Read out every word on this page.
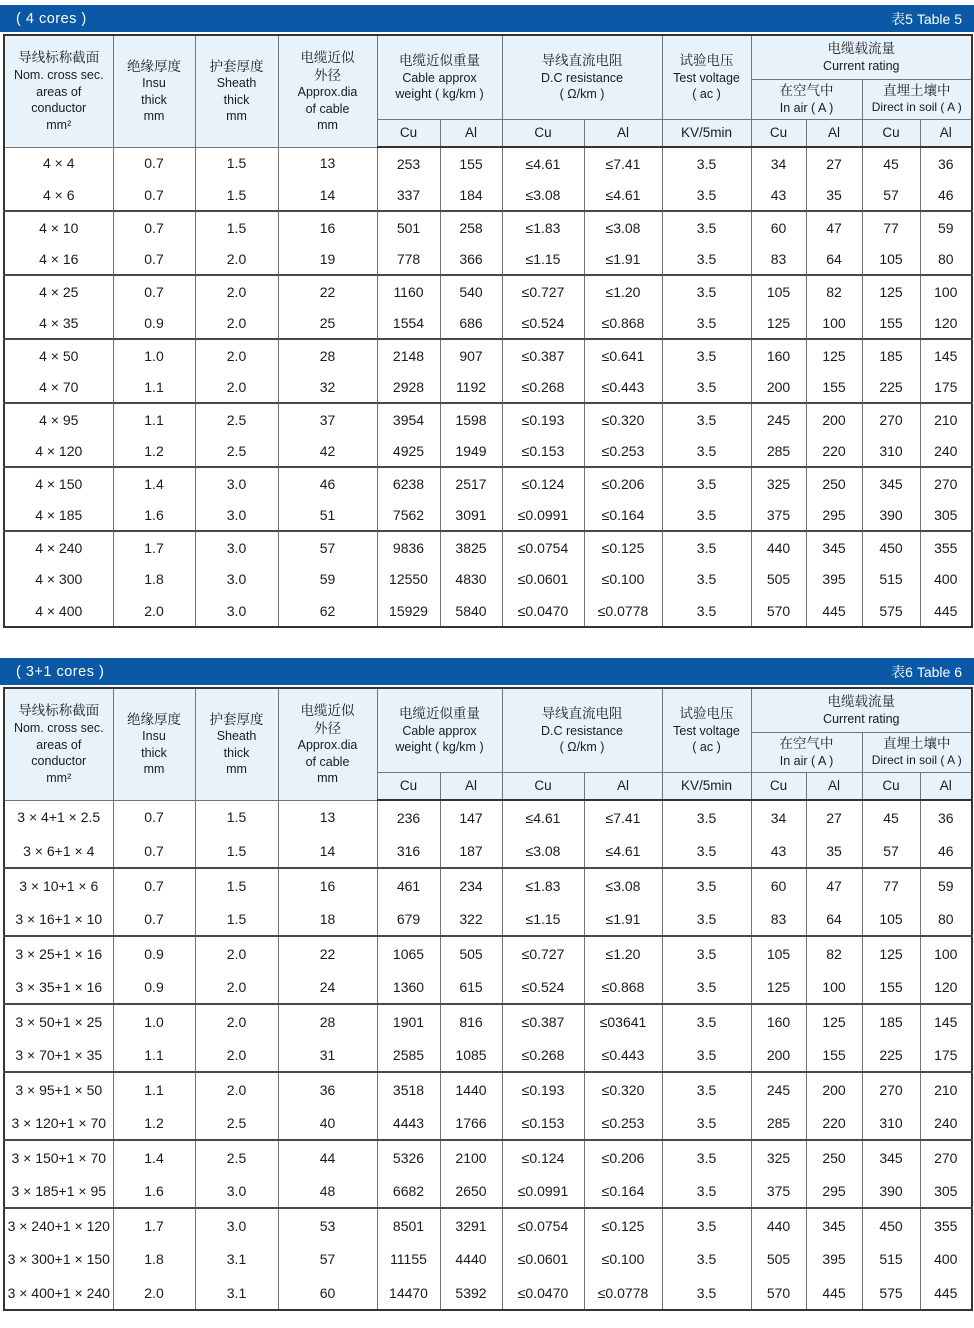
( 4 cores )	表5 Table 5
导线标称截面
Nom. cross sec.
areas of
conductor
mm²

绝缘厚度
Insu
thick
mm

护套厚度
Sheath
thick
mm

电缆近似
外径
Approx.dia
of cable
mm

电缆近似重量
Cable approx
weight ( kg/km )

导线直流电阻
D.C resistance
( Ω/km )

试验电压
Test voltage
( ac )

电缆载流量
Current rating

在空气中
In air ( A )

直埋土壤中
Direct in soil ( A )

				Cu	Al	Cu	Al	KV/5min	Cu	Al	Cu	Al
4 × 4	0.7	1.5	13	253	155	≤4.61	≤7.41	3.5	34	27	45	36
4 × 6	0.7	1.5	14	337	184	≤3.08	≤4.61	3.5	43	35	57	46
4 × 10	0.7	1.5	16	501	258	≤1.83	≤3.08	3.5	60	47	77	59
4 × 16	0.7	2.0	19	778	366	≤1.15	≤1.91	3.5	83	64	105	80
4 × 25	0.7	2.0	22	1160	540	≤0.727	≤1.20	3.5	105	82	125	100
4 × 35	0.9	2.0	25	1554	686	≤0.524	≤0.868	3.5	125	100	155	120
4 × 50	1.0	2.0	28	2148	907	≤0.387	≤0.641	3.5	160	125	185	145
4 × 70	1.1	2.0	32	2928	1192	≤0.268	≤0.443	3.5	200	155	225	175
4 × 95	1.1	2.5	37	3954	1598	≤0.193	≤0.320	3.5	245	200	270	210
4 × 120	1.2	2.5	42	4925	1949	≤0.153	≤0.253	3.5	285	220	310	240
4 × 150	1.4	3.0	46	6238	2517	≤0.124	≤0.206	3.5	325	250	345	270
4 × 185	1.6	3.0	51	7562	3091	≤0.0991	≤0.164	3.5	375	295	390	305
4 × 240	1.7	3.0	57	9836	3825	≤0.0754	≤0.125	3.5	440	345	450	355
4 × 300	1.8	3.0	59	12550	4830	≤0.0601	≤0.100	3.5	505	395	515	400
4 × 400	2.0	3.0	62	15929	5840	≤0.0470	≤0.0778	3.5	570	445	575	445
( 3+1 cores )	表6 Table 6
导线标称截面
Nom. cross sec.
areas of
conductor
mm²

绝缘厚度
Insu
thick
mm

护套厚度
Sheath
thick
mm

电缆近似
外径
Approx.dia
of cable
mm

电缆近似重量
Cable approx
weight ( kg/km )

导线直流电阻
D.C resistance
( Ω/km )

试验电压
Test voltage
( ac )

电缆载流量
Current rating

在空气中
In air ( A )

直埋土壤中
Direct in soil ( A )

				Cu	Al	Cu	Al	KV/5min	Cu	Al	Cu	Al
3 × 4+1 × 2.5	0.7	1.5	13	236	147	≤4.61	≤7.41	3.5	34	27	45	36
3 × 6+1 × 4	0.7	1.5	14	316	187	≤3.08	≤4.61	3.5	43	35	57	46
3 × 10+1 × 6	0.7	1.5	16	461	234	≤1.83	≤3.08	3.5	60	47	77	59
3 × 16+1 × 10	0.7	1.5	18	679	322	≤1.15	≤1.91	3.5	83	64	105	80
3 × 25+1 × 16	0.9	2.0	22	1065	505	≤0.727	≤1.20	3.5	105	82	125	100
3 × 35+1 × 16	0.9	2.0	24	1360	615	≤0.524	≤0.868	3.5	125	100	155	120
3 × 50+1 × 25	1.0	2.0	28	1901	816	≤0.387	≤03641	3.5	160	125	185	145
3 × 70+1 × 35	1.1	2.0	31	2585	1085	≤0.268	≤0.443	3.5	200	155	225	175
3 × 95+1 × 50	1.1	2.0	36	3518	1440	≤0.193	≤0.320	3.5	245	200	270	210
3 × 120+1 × 70	1.2	2.5	40	4443	1766	≤0.153	≤0.253	3.5	285	220	310	240
3 × 150+1 × 70	1.4	2.5	44	5326	2100	≤0.124	≤0.206	3.5	325	250	345	270
3 × 185+1 × 95	1.6	3.0	48	6682	2650	≤0.0991	≤0.164	3.5	375	295	390	305
3 × 240+1 × 120	1.7	3.0	53	8501	3291	≤0.0754	≤0.125	3.5	440	345	450	355
3 × 300+1 × 150	1.8	3.1	57	11155	4440	≤0.0601	≤0.100	3.5	505	395	515	400
3 × 400+1 × 240	2.0	3.1	60	14470	5392	≤0.0470	≤0.0778	3.5	570	445	575	445
